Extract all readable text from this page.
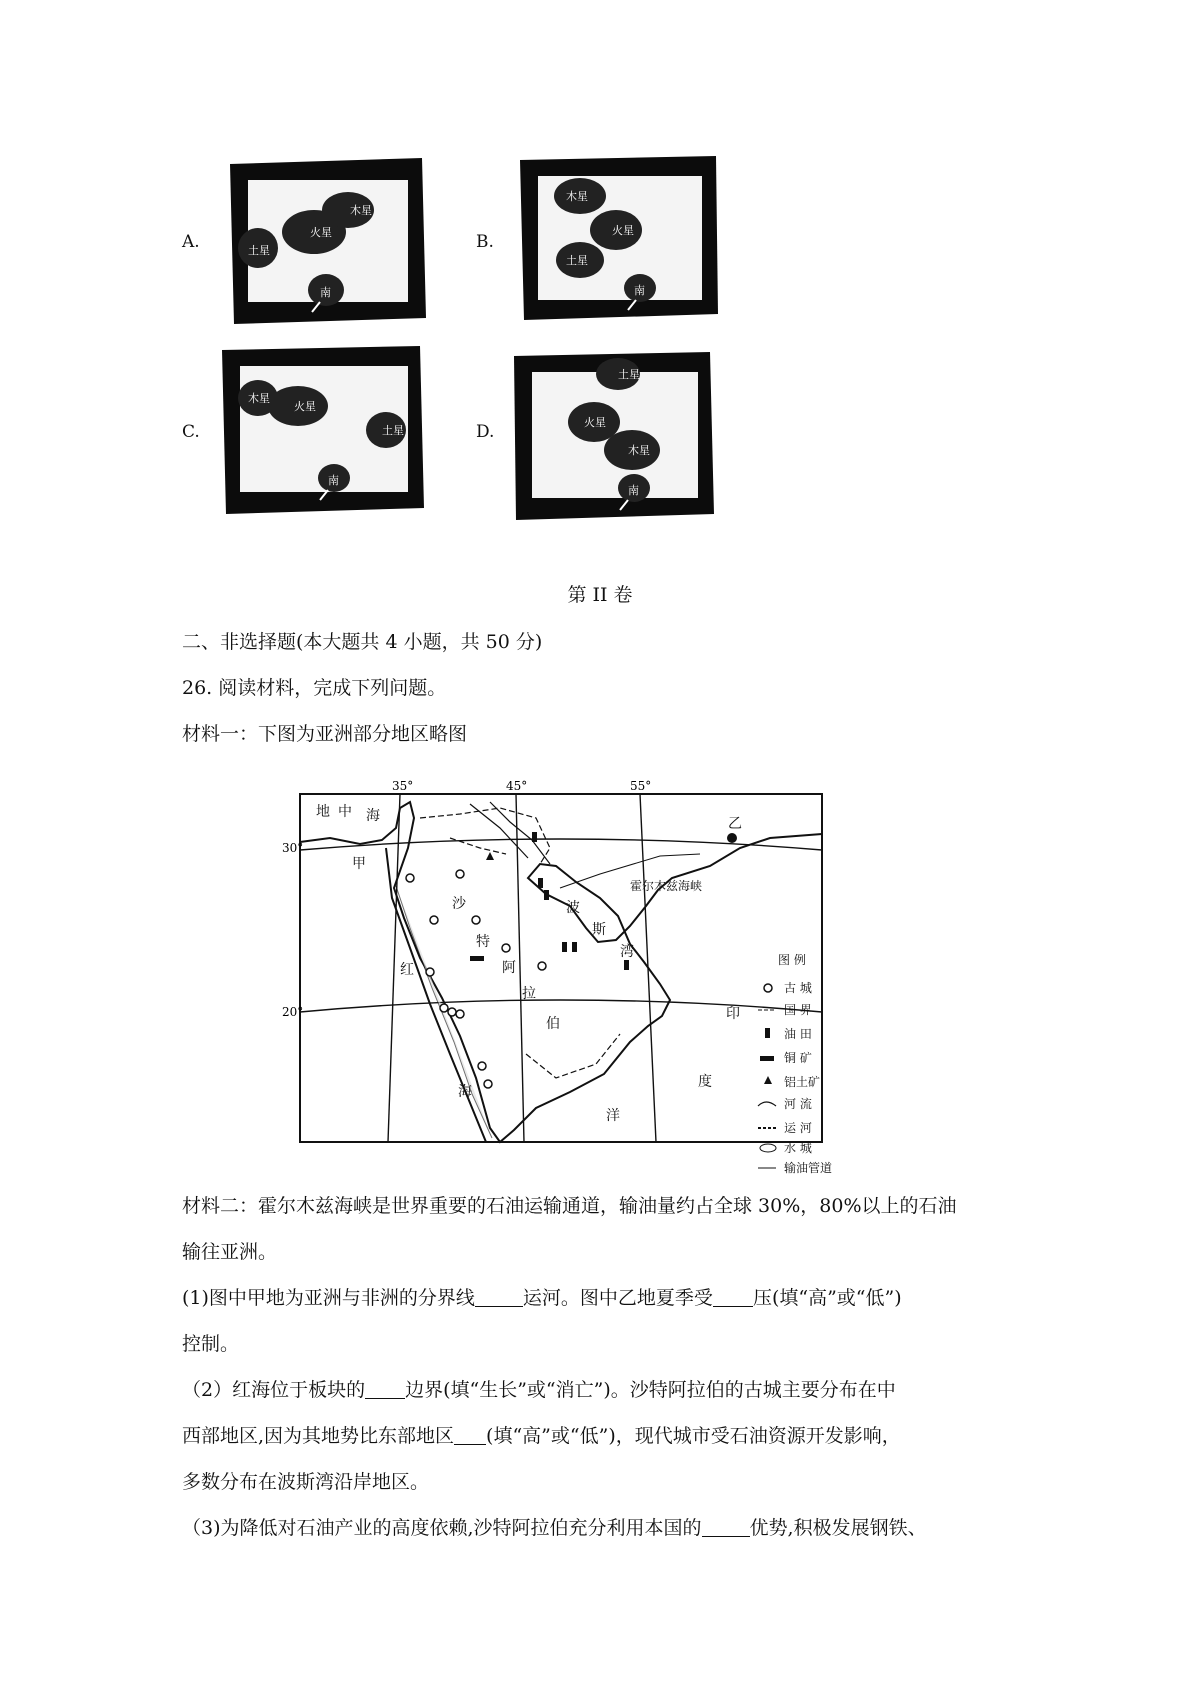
A.
木星
火星
土星
南
B.
木星
火星
土星
南
C.
木星
火星
土星
南
D.
土星
火星
木星
南
第 II 卷
二、非选择题(本大题共 4 小题，共 50 分)
26. 阅读材料，完成下列问题。
材料一：下图为亚洲部分地区略图
35°	45°	55°
30°
20°
地 中 海
甲
乙
红
海
沙
特
阿
拉
伯
波
斯
湾
霍尔木兹海峡
印
度
洋
图 例
古 城
国 界
油 田
铜 矿
铝土矿
河 流
运 河
水 城
输油管道
材料二：霍尔木兹海峡是世界重要的石油运输通道，输油量约占全球 30%，80%以上的石油
输往亚洲。
(1)图中甲地为亚洲与非洲的分界线	运河。图中乙地夏季受 压(填“高”或“低”)
控制。
（2）红海位于板块的 边界(填“生长”或“消亡”)。沙特阿拉伯的古城主要分布在中
西部地区,因为其地势比东部地区 (填“高”或“低”)，现代城市受石油资源开发影响，
多数分布在波斯湾沿岸地区。
（3)为降低对石油产业的高度依赖,沙特阿拉伯充分利用本国的	优势,积极发展钢铁、
